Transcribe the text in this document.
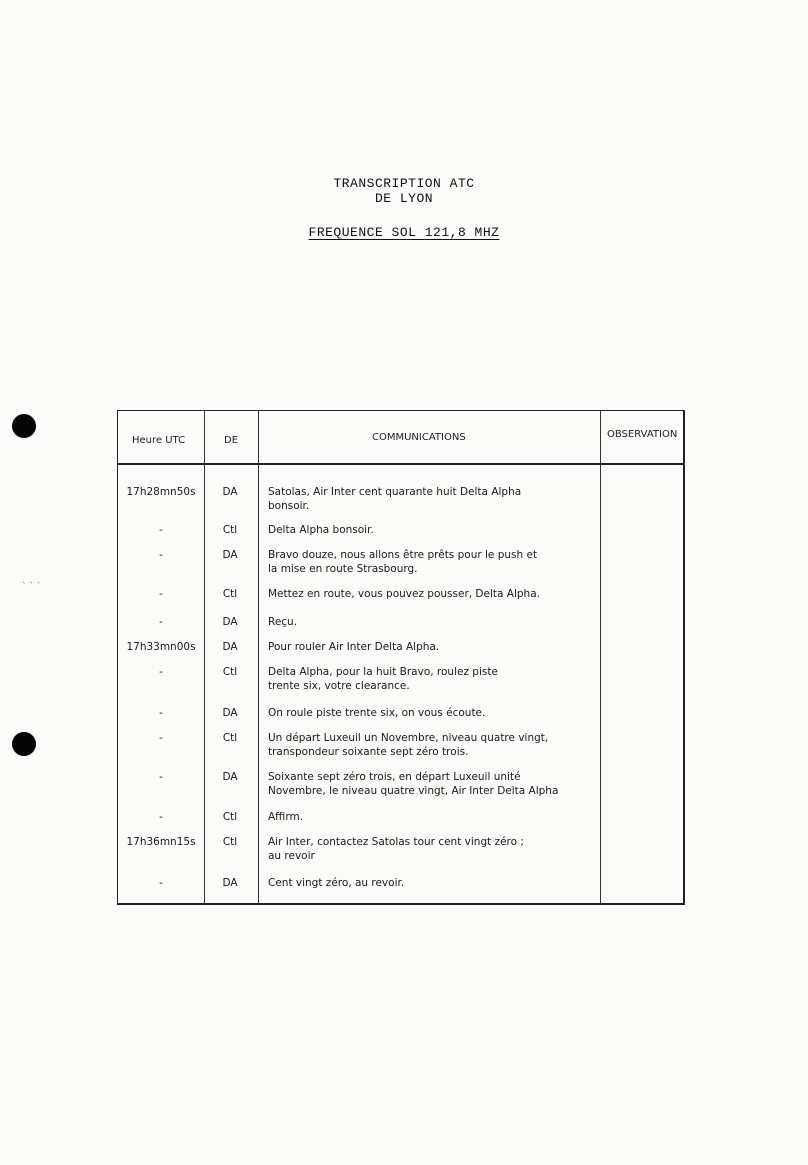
` ` `
TRANSCRIPTION ATC
DE LYON
FREQUENCE SOL 121,8 MHZ
Heure UTC	DE	COMMUNICATIONS	OBSERVATION
17h28mn50s	DA	Satolas, Air Inter cent quarante huit Delta Alpha
bonsoir.
-	Ctl	Delta Alpha bonsoir.
-	DA	Bravo douze, nous allons être prêts pour le push et
la mise en route Strasbourg.
-	Ctl	Mettez en route, vous pouvez pousser, Delta Alpha.
-	DA	Reçu.
17h33mn00s	DA	Pour rouler Air Inter Delta Alpha.
-	Ctl	Delta Alpha, pour la huit Bravo, roulez piste
trente six, votre clearance.
-	DA	On roule piste trente six, on vous écoute.
-	Ctl	Un départ Luxeuil un Novembre, niveau quatre vingt,
transpondeur soixante sept zéro trois.
-	DA	Soixante sept zéro trois, en départ Luxeuil unité
Novembre, le niveau quatre vingt, Air Inter Delta Alpha
-	Ctl	Affirm.
17h36mn15s	Ctl	Air Inter, contactez Satolas tour cent vingt zéro ;
au revoir
-	DA	Cent vingt zéro, au revoir.
